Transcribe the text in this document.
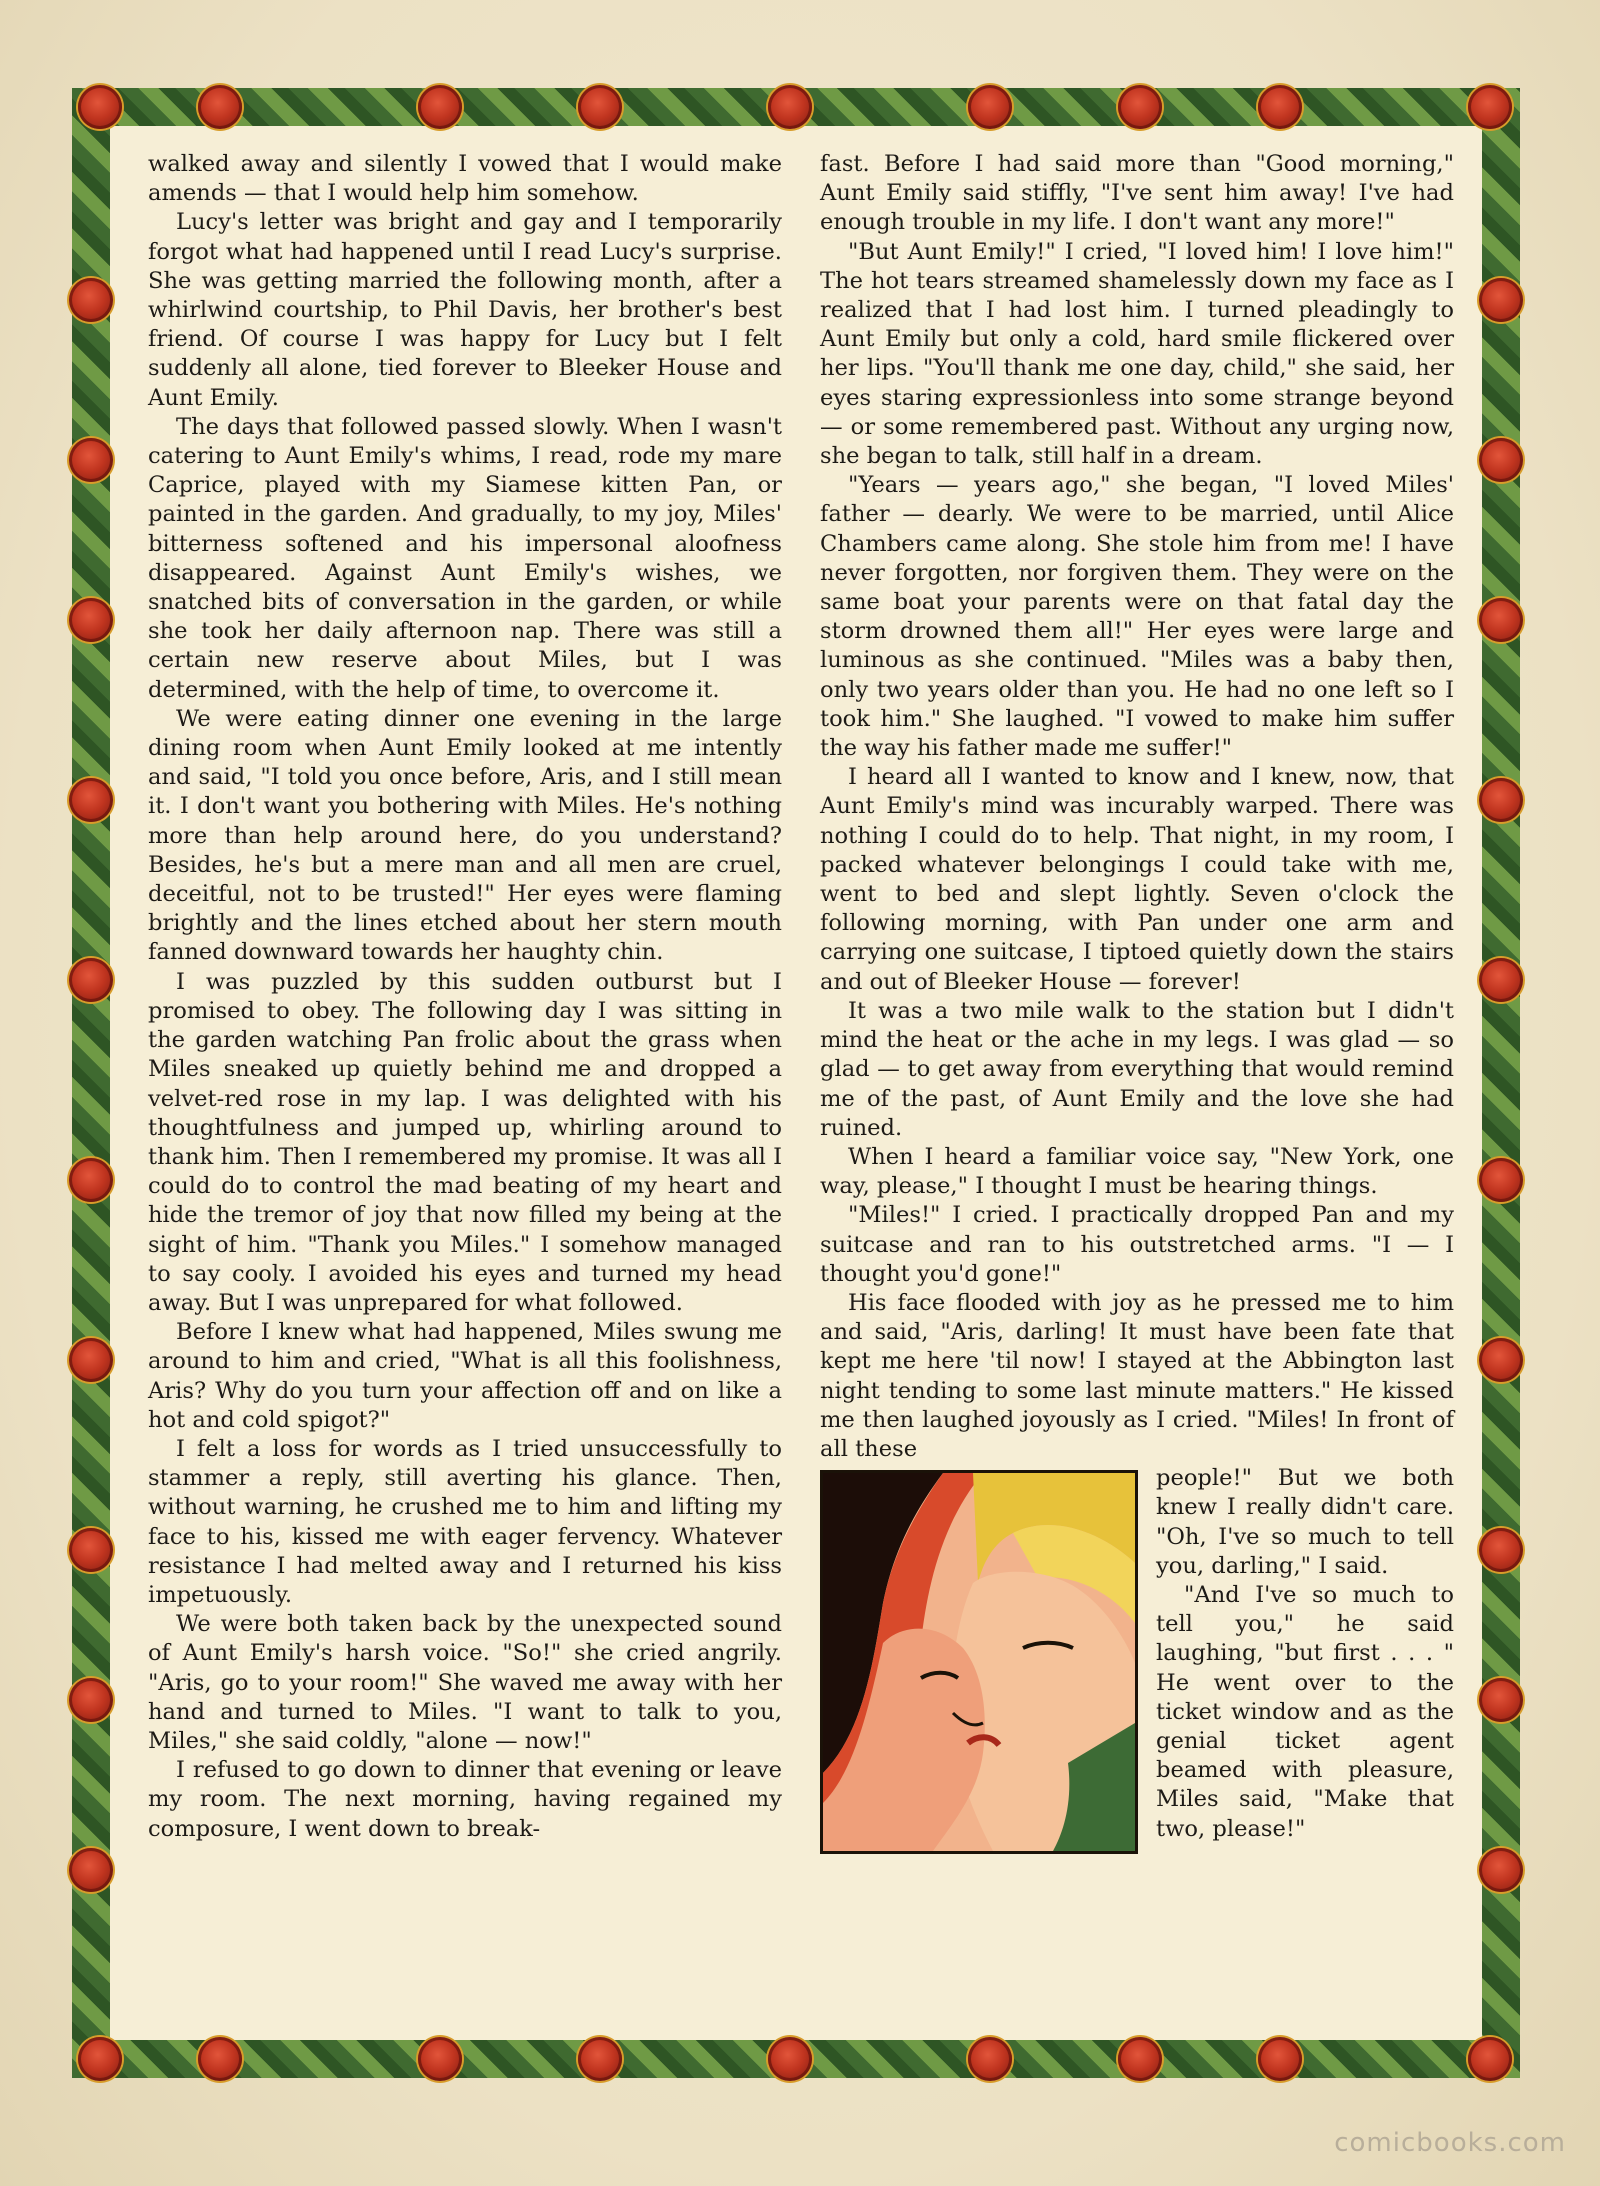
walked away and silently I vowed that I would make amends — that I would help him somehow.

Lucy's letter was bright and gay and I temporarily forgot what had happened until I read Lucy's surprise. She was getting married the following month, after a whirlwind courtship, to Phil Davis, her brother's best friend. Of course I was happy for Lucy but I felt suddenly all alone, tied forever to Bleeker House and Aunt Emily.

The days that followed passed slowly. When I wasn't catering to Aunt Emily's whims, I read, rode my mare Caprice, played with my Siamese kitten Pan, or painted in the garden. And gradually, to my joy, Miles' bitterness softened and his impersonal aloofness disappeared. Against Aunt Emily's wishes, we snatched bits of conversation in the garden, or while she took her daily afternoon nap. There was still a certain new reserve about Miles, but I was determined, with the help of time, to overcome it.

We were eating dinner one evening in the large dining room when Aunt Emily looked at me intently and said, "I told you once before, Aris, and I still mean it. I don't want you bothering with Miles. He's nothing more than help around here, do you understand? Besides, he's but a mere man and all men are cruel, deceitful, not to be trusted!" Her eyes were flaming brightly and the lines etched about her stern mouth fanned downward towards her haughty chin.

I was puzzled by this sudden outburst but I promised to obey. The following day I was sitting in the garden watching Pan frolic about the grass when Miles sneaked up quietly behind me and dropped a velvet-red rose in my lap. I was delighted with his thoughtfulness and jumped up, whirling around to thank him. Then I remembered my promise. It was all I could do to control the mad beating of my heart and hide the tremor of joy that now filled my being at the sight of him. "Thank you Miles." I somehow managed to say cooly. I avoided his eyes and turned my head away. But I was unprepared for what followed.

Before I knew what had happened, Miles swung me around to him and cried, "What is all this foolishness, Aris? Why do you turn your affection off and on like a hot and cold spigot?"

I felt a loss for words as I tried unsuccessfully to stammer a reply, still averting his glance. Then, without warning, he crushed me to him and lifting my face to his, kissed me with eager fervency. Whatever resistance I had melted away and I returned his kiss impetuously.

We were both taken back by the unexpected sound of Aunt Emily's harsh voice. "So!" she cried angrily. "Aris, go to your room!" She waved me away with her hand and turned to Miles. "I want to talk to you, Miles," she said coldly, "alone — now!"

I refused to go down to dinner that evening or leave my room. The next morning, having regained my composure, I went down to break-

fast. Before I had said more than "Good morning," Aunt Emily said stiffly, "I've sent him away! I've had enough trouble in my life. I don't want any more!"

"But Aunt Emily!" I cried, "I loved him! I love him!" The hot tears streamed shamelessly down my face as I realized that I had lost him. I turned pleadingly to Aunt Emily but only a cold, hard smile flickered over her lips. "You'll thank me one day, child," she said, her eyes staring expressionless into some strange beyond — or some remembered past. Without any urging now, she began to talk, still half in a dream.

"Years — years ago," she began, "I loved Miles' father — dearly. We were to be married, until Alice Chambers came along. She stole him from me! I have never forgotten, nor forgiven them. They were on the same boat your parents were on that fatal day the storm drowned them all!" Her eyes were large and luminous as she continued. "Miles was a baby then, only two years older than you. He had no one left so I took him." She laughed. "I vowed to make him suffer the way his father made me suffer!"

I heard all I wanted to know and I knew, now, that Aunt Emily's mind was incurably warped. There was nothing I could do to help. That night, in my room, I packed whatever belongings I could take with me, went to bed and slept lightly. Seven o'clock the following morning, with Pan under one arm and carrying one suitcase, I tiptoed quietly down the stairs and out of Bleeker House — forever!

It was a two mile walk to the station but I didn't mind the heat or the ache in my legs. I was glad — so glad — to get away from everything that would remind me of the past, of Aunt Emily and the love she had ruined.

When I heard a familiar voice say, "New York, one way, please," I thought I must be hearing things.

"Miles!" I cried. I practically dropped Pan and my suitcase and ran to his outstretched arms. "I — I thought you'd gone!"

His face flooded with joy as he pressed me to him and said, "Aris, darling! It must have been fate that kept me here 'til now! I stayed at the Abbington last night tending to some last minute matters." He kissed me then laughed joyously as I cried. "Miles! In front of all these

people!" But we both knew I really didn't care. "Oh, I've so much to tell you, darling," I said.

"And I've so much to tell you," he said laughing, "but first . . . " He went over to the ticket window and as the genial ticket agent beamed with pleasure, Miles said, "Make that two, please!"

comicbooks.com
